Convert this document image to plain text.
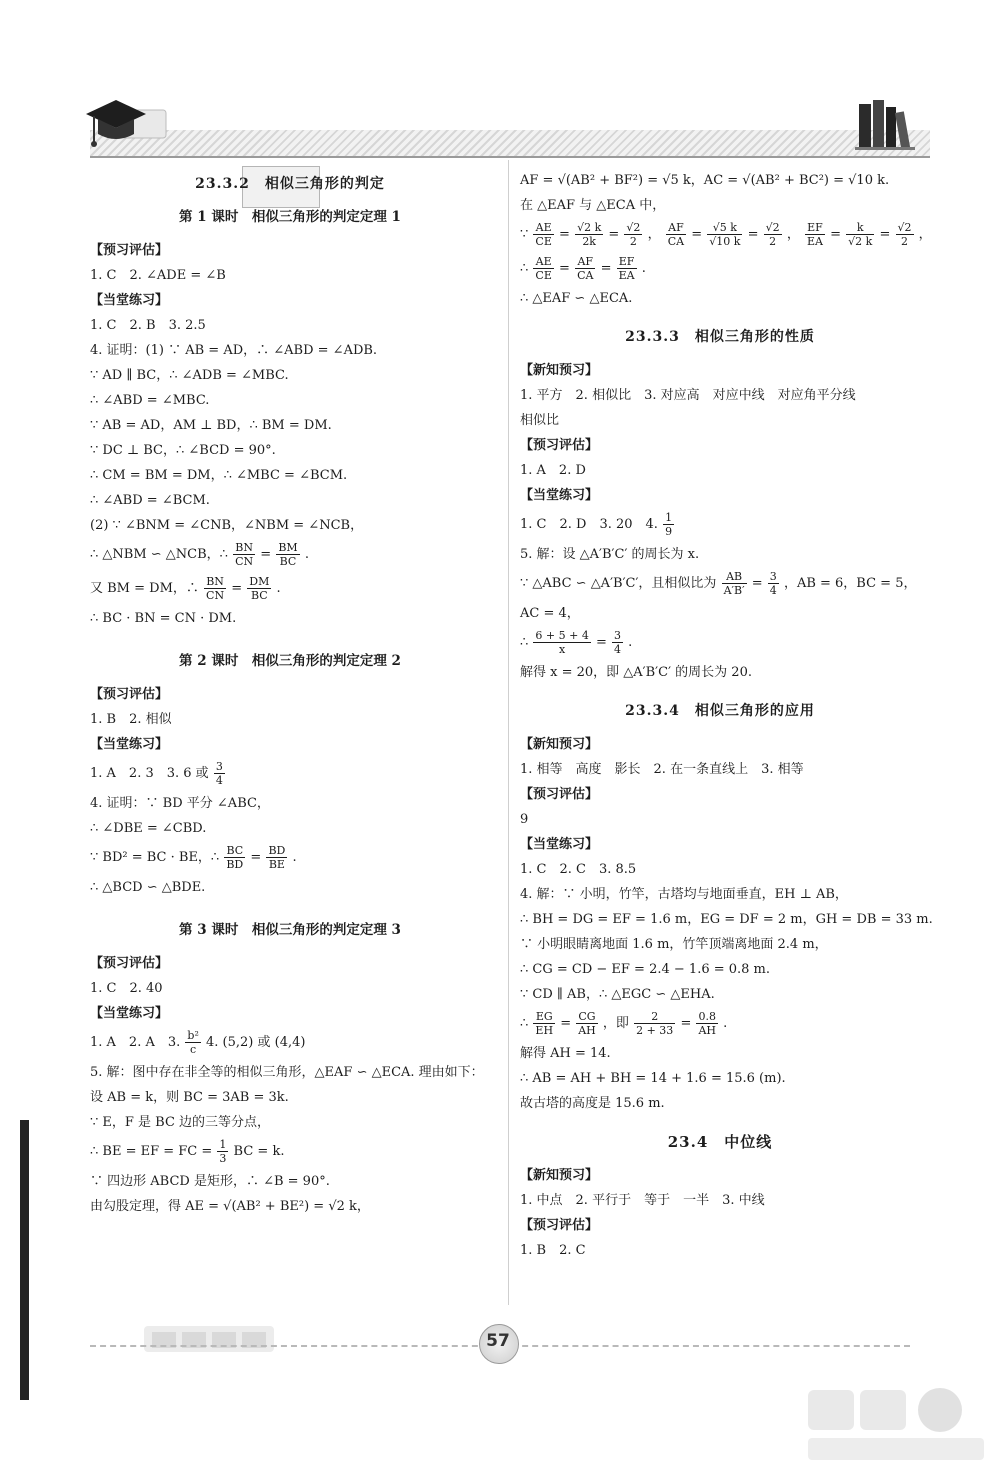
23.3.2　相似三角形的判定
第 1 课时　相似三角形的判定定理 1
【预习评估】
1. C　2. ∠ADE = ∠B
【当堂练习】
1. C　2. B　3. 2.5
4. 证明：(1) ∵ AB = AD，∴ ∠ABD = ∠ADB.
∵ AD ∥ BC，∴ ∠ADB = ∠MBC.
∴ ∠ABD = ∠MBC.
∵ AB = AD，AM ⊥ BD，∴ BM = DM.
∵ DC ⊥ BC，∴ ∠BCD = 90°.
∴ CM = BM = DM，∴ ∠MBC = ∠BCM.
∴ ∠ABD = ∠BCM.
(2) ∵ ∠BNM = ∠CNB，∠NBM = ∠NCB，
∴ △NBM ∽ △NCB，∴ $\frac{BN}{CN} = \frac{BM}{BC}$ .
又 BM = DM，∴ $\frac{BN}{CN} = \frac{DM}{BC}$ .
∴ BC · BN = CN · DM.
第 2 课时　相似三角形的判定定理 2
【预习评估】
1. B　2. 相似
【当堂练习】
1. A　2. 3　3. 6 或 $\frac{3}{4}$
4. 证明：∵ BD 平分 ∠ABC，
∴ ∠DBE = ∠CBD.
∵ BD² = BC · BE，∴ $\frac{BC}{BD} = \frac{BD}{BE}$ .
∴ △BCD ∽ △BDE.
第 3 课时　相似三角形的判定定理 3
【预习评估】
1. C　2. 40
【当堂练习】
1. A　2. A　3. $\frac{\text{b²}}{c} 4$. (5,2) 或 (4,4)
5. 解：图中存在非全等的相似三角形，△EAF ∽ △ECA. 理由如下：
设 AB = k，则 BC = 3AB = 3k.
∵ E，F 是 BC 边的三等分点，
∴ BE = EF = FC = $\frac{1}{3}$ BC = k.
∵ 四边形 ABCD 是矩形，∴ ∠B = 90°.
由勾股定理，得 AE = √(AB² + BE²) = √2 k，
AF = √(AB² + BF²) = √5 k，AC = √(AB² + BC²) = √10 k.
在 △EAF 与 △ECA 中，
∵ $\frac{AE}{CE} = \frac{√2 k}{2k} = \frac{√2}{2}$ ， $\frac{AF}{CA} = \frac{√5 k}{√10 k} = \frac{√2}{2}$ ， $\frac{EF}{EA} = \frac{k}{√2 k} = \frac{√2}{2}$ ，
∴ $\frac{AE}{CE} = \frac{AF}{CA} = \frac{EF}{EA}$ .
∴ △EAF ∽ △ECA.
23.3.3　相似三角形的性质
【新知预习】
1. 平方　2. 相似比　3. 对应高　对应中线　对应角平分线
相似比
【预习评估】
1. A　2. D
【当堂练习】
1. C　2. D　3. 20　4. $\frac{1}{9}$
5. 解：设 △A′B′C′ 的周长为 x.
∵ △ABC ∽ △A′B′C′，且相似比为 $\frac{AB}{A'B'} = \frac{3}{4}$ ，AB = 6，BC = 5，
AC = 4，
∴ $\frac{6 + 5 + 4}{x} = \frac{3}{4}$ .
解得 x = 20，即 △A′B′C′ 的周长为 20.
23.3.4　相似三角形的应用
【新知预习】
1. 相等　高度　影长　2. 在一条直线上　3. 相等
【预习评估】
9
【当堂练习】
1. C　2. C　3. 8.5
4. 解：∵ 小明，竹竿，古塔均与地面垂直，EH ⊥ AB，
∴ BH = DG = EF = 1.6 m，EG = DF = 2 m，GH = DB = 33 m.
∵ 小明眼睛离地面 1.6 m，竹竿顶端离地面 2.4 m，
∴ CG = CD − EF = 2.4 − 1.6 = 0.8 m.
∵ CD ∥ AB，∴ △EGC ∽ △EHA.
∴ $\frac{EG}{EH} = \frac{CG}{AH}$ ，即 $\frac{2}{2 + 33} = \frac{0.8}{AH}$ .
解得 AH = 14.
∴ AB = AH + BH = 14 + 1.6 = 15.6 (m).
故古塔的高度是 15.6 m.
23.4　中位线
【新知预习】
1. 中点　2. 平行于　等于　一半　3. 中线
【预习评估】
1. B　2. C
57
